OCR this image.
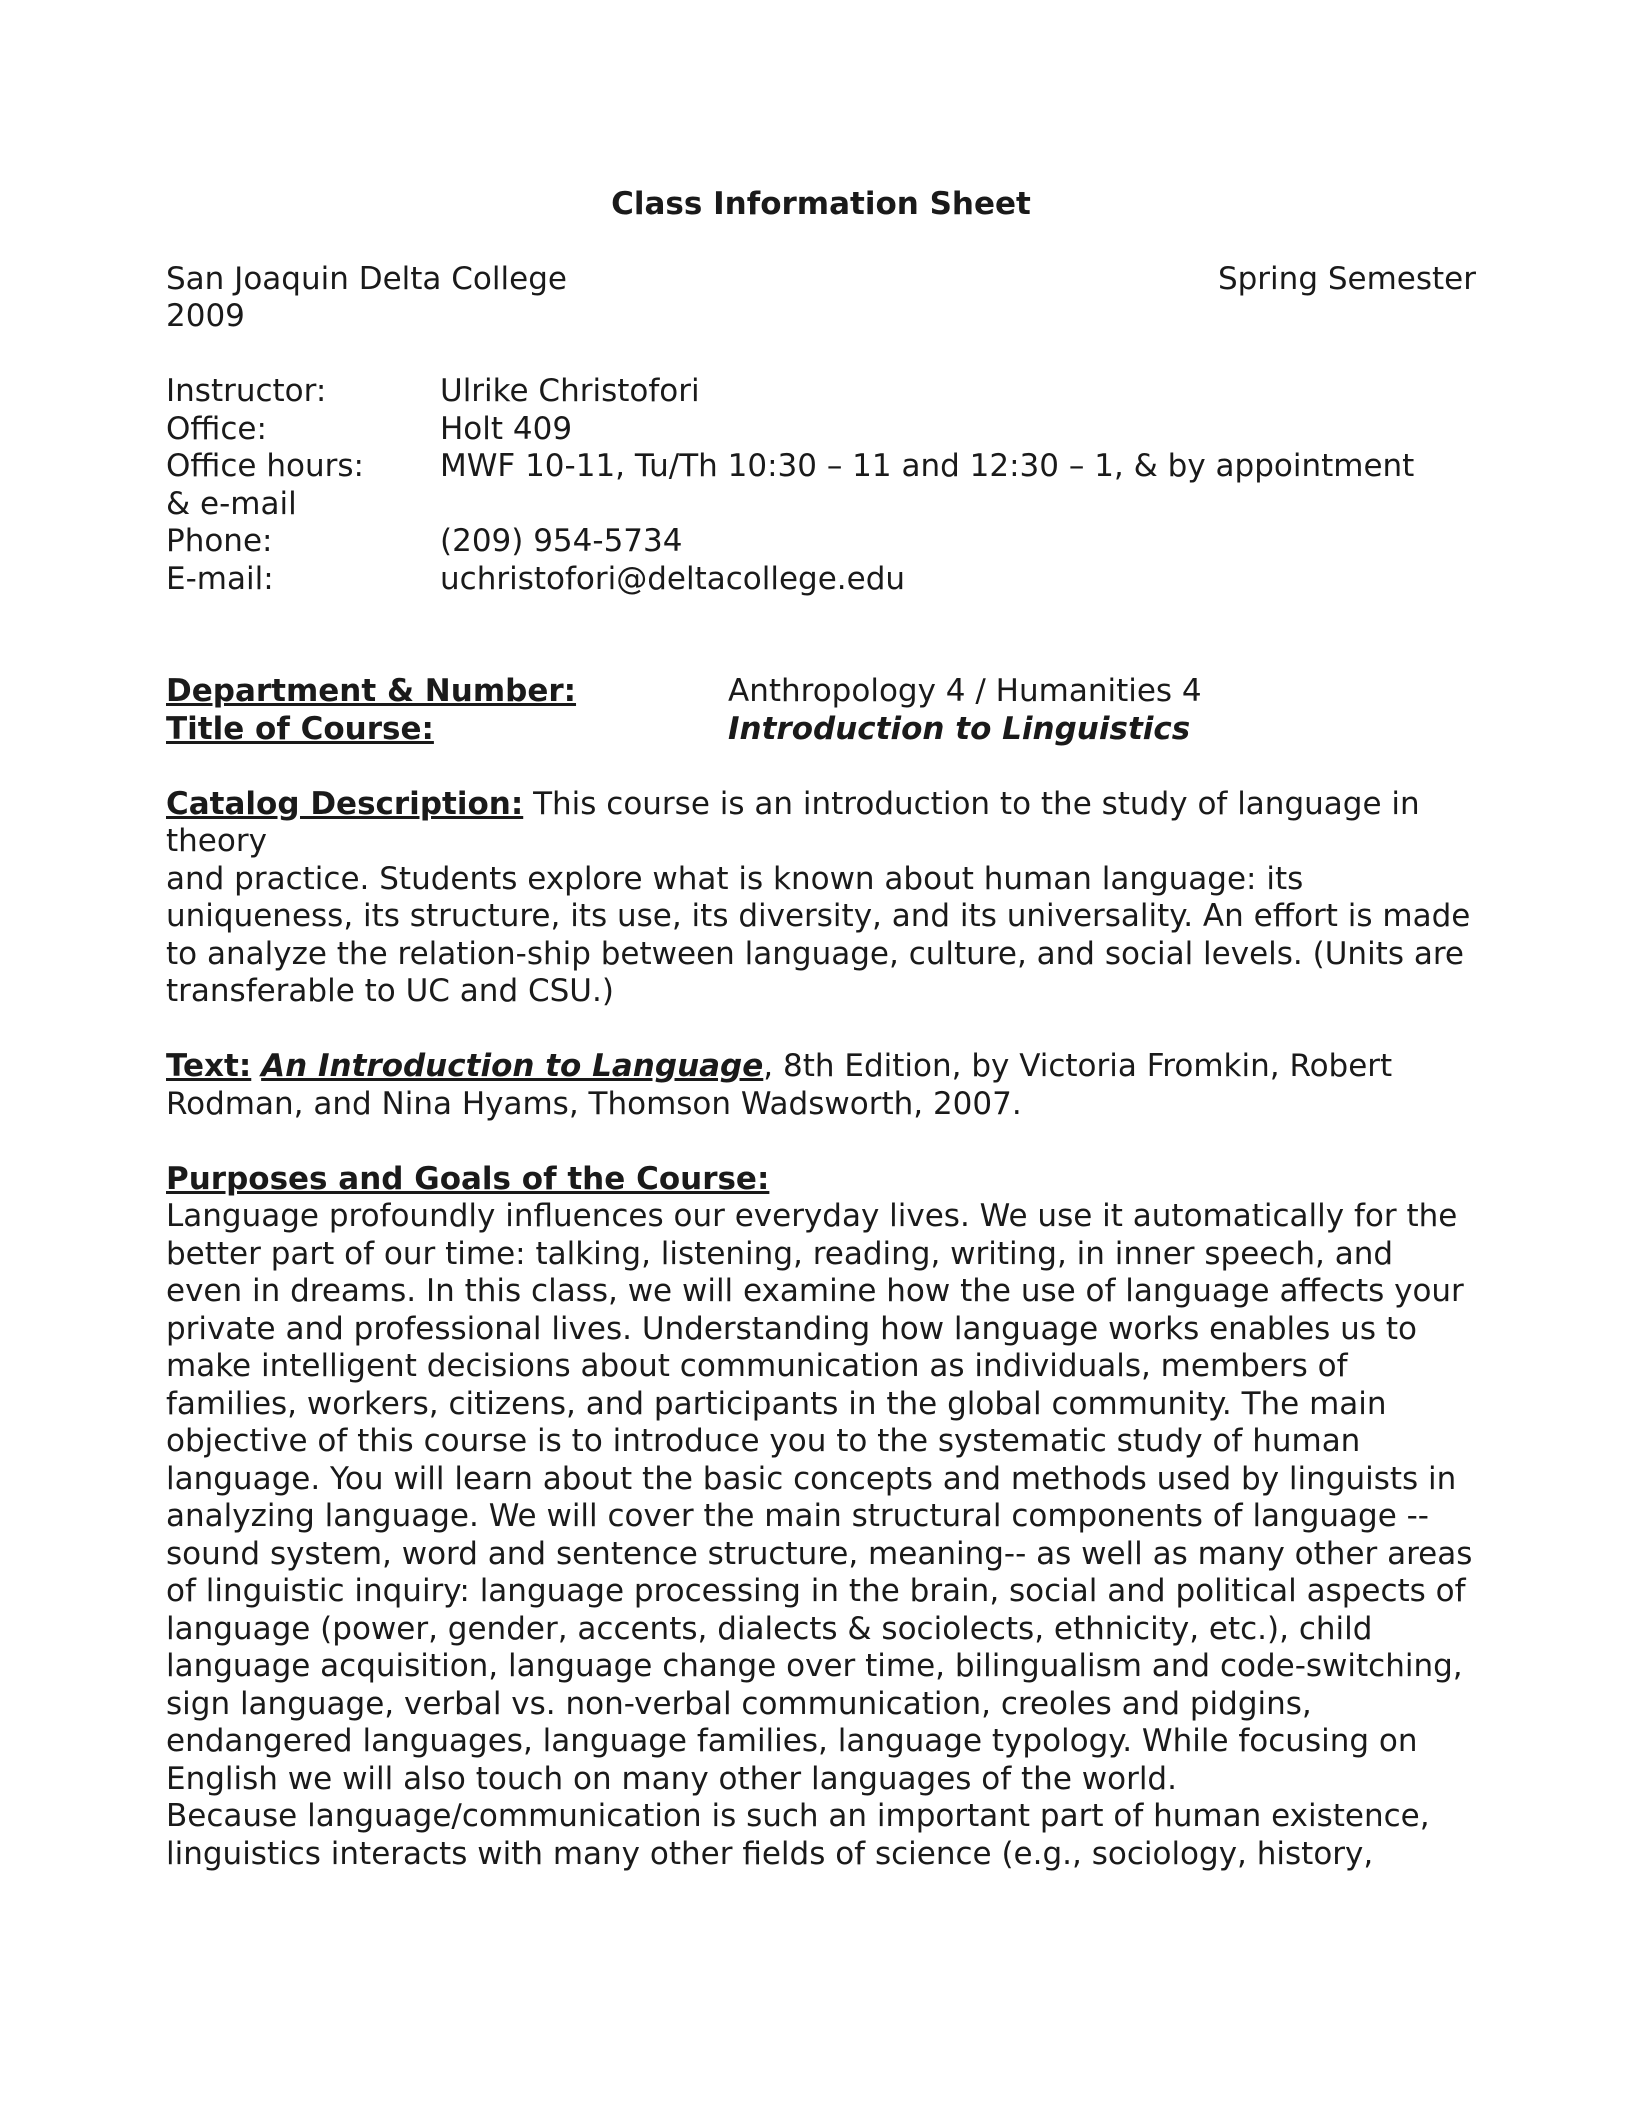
Class Information Sheet
San Joaquin Delta College	Spring Semester
2009
Instructor:	Ulrike Christofori
Office:	Holt 409
Office hours:	MWF 10-11, Tu/Th 10:30 – 11 and 12:30 – 1, & by appointment
& e-mail
Phone:	(209) 954-5734
E-mail:	uchristofori@deltacollege.edu
Department & Number:	Anthropology 4 / Humanities 4
Title of Course:	Introduction to Linguistics

Catalog Description: This course is an introduction to the study of language in theory

and practice. Students explore what is known about human language: its uniqueness, its structure, its use, its diversity, and its universality. An effort is made to analyze the relation-ship between language, culture, and social levels. (Units are transferable to UC and CSU.)

Text: An Introduction to Language, 8th Edition, by Victoria Fromkin, Robert Rodman, and Nina Hyams, Thomson Wadsworth, 2007.

Purposes and Goals of the Course:

Language profoundly influences our everyday lives. We use it automatically for the better part of our time: talking, listening, reading, writing, in inner speech, and even in dreams. In this class, we will examine how the use of language affects your private and professional lives. Understanding how language works enables us to make intelligent decisions about communication as individuals, members of families, workers, citizens, and participants in the global community. The main objective of this course is to introduce you to the systematic study of human language. You will learn about the basic concepts and methods used by linguists in analyzing language. We will cover the main structural components of language --sound system, word and sentence structure, meaning-- as well as many other areas of linguistic inquiry: language processing in the brain, social and political aspects of language (power, gender, accents, dialects & sociolects, ethnicity, etc.), child language acquisition, language change over time, bilingualism and code-switching, sign language, verbal vs. non-verbal communication, creoles and pidgins, endangered languages, language families, language typology. While focusing on English we will also touch on many other languages of the world.

Because language/communication is such an important part of human existence, linguistics interacts with many other fields of science (e.g., sociology, history,
